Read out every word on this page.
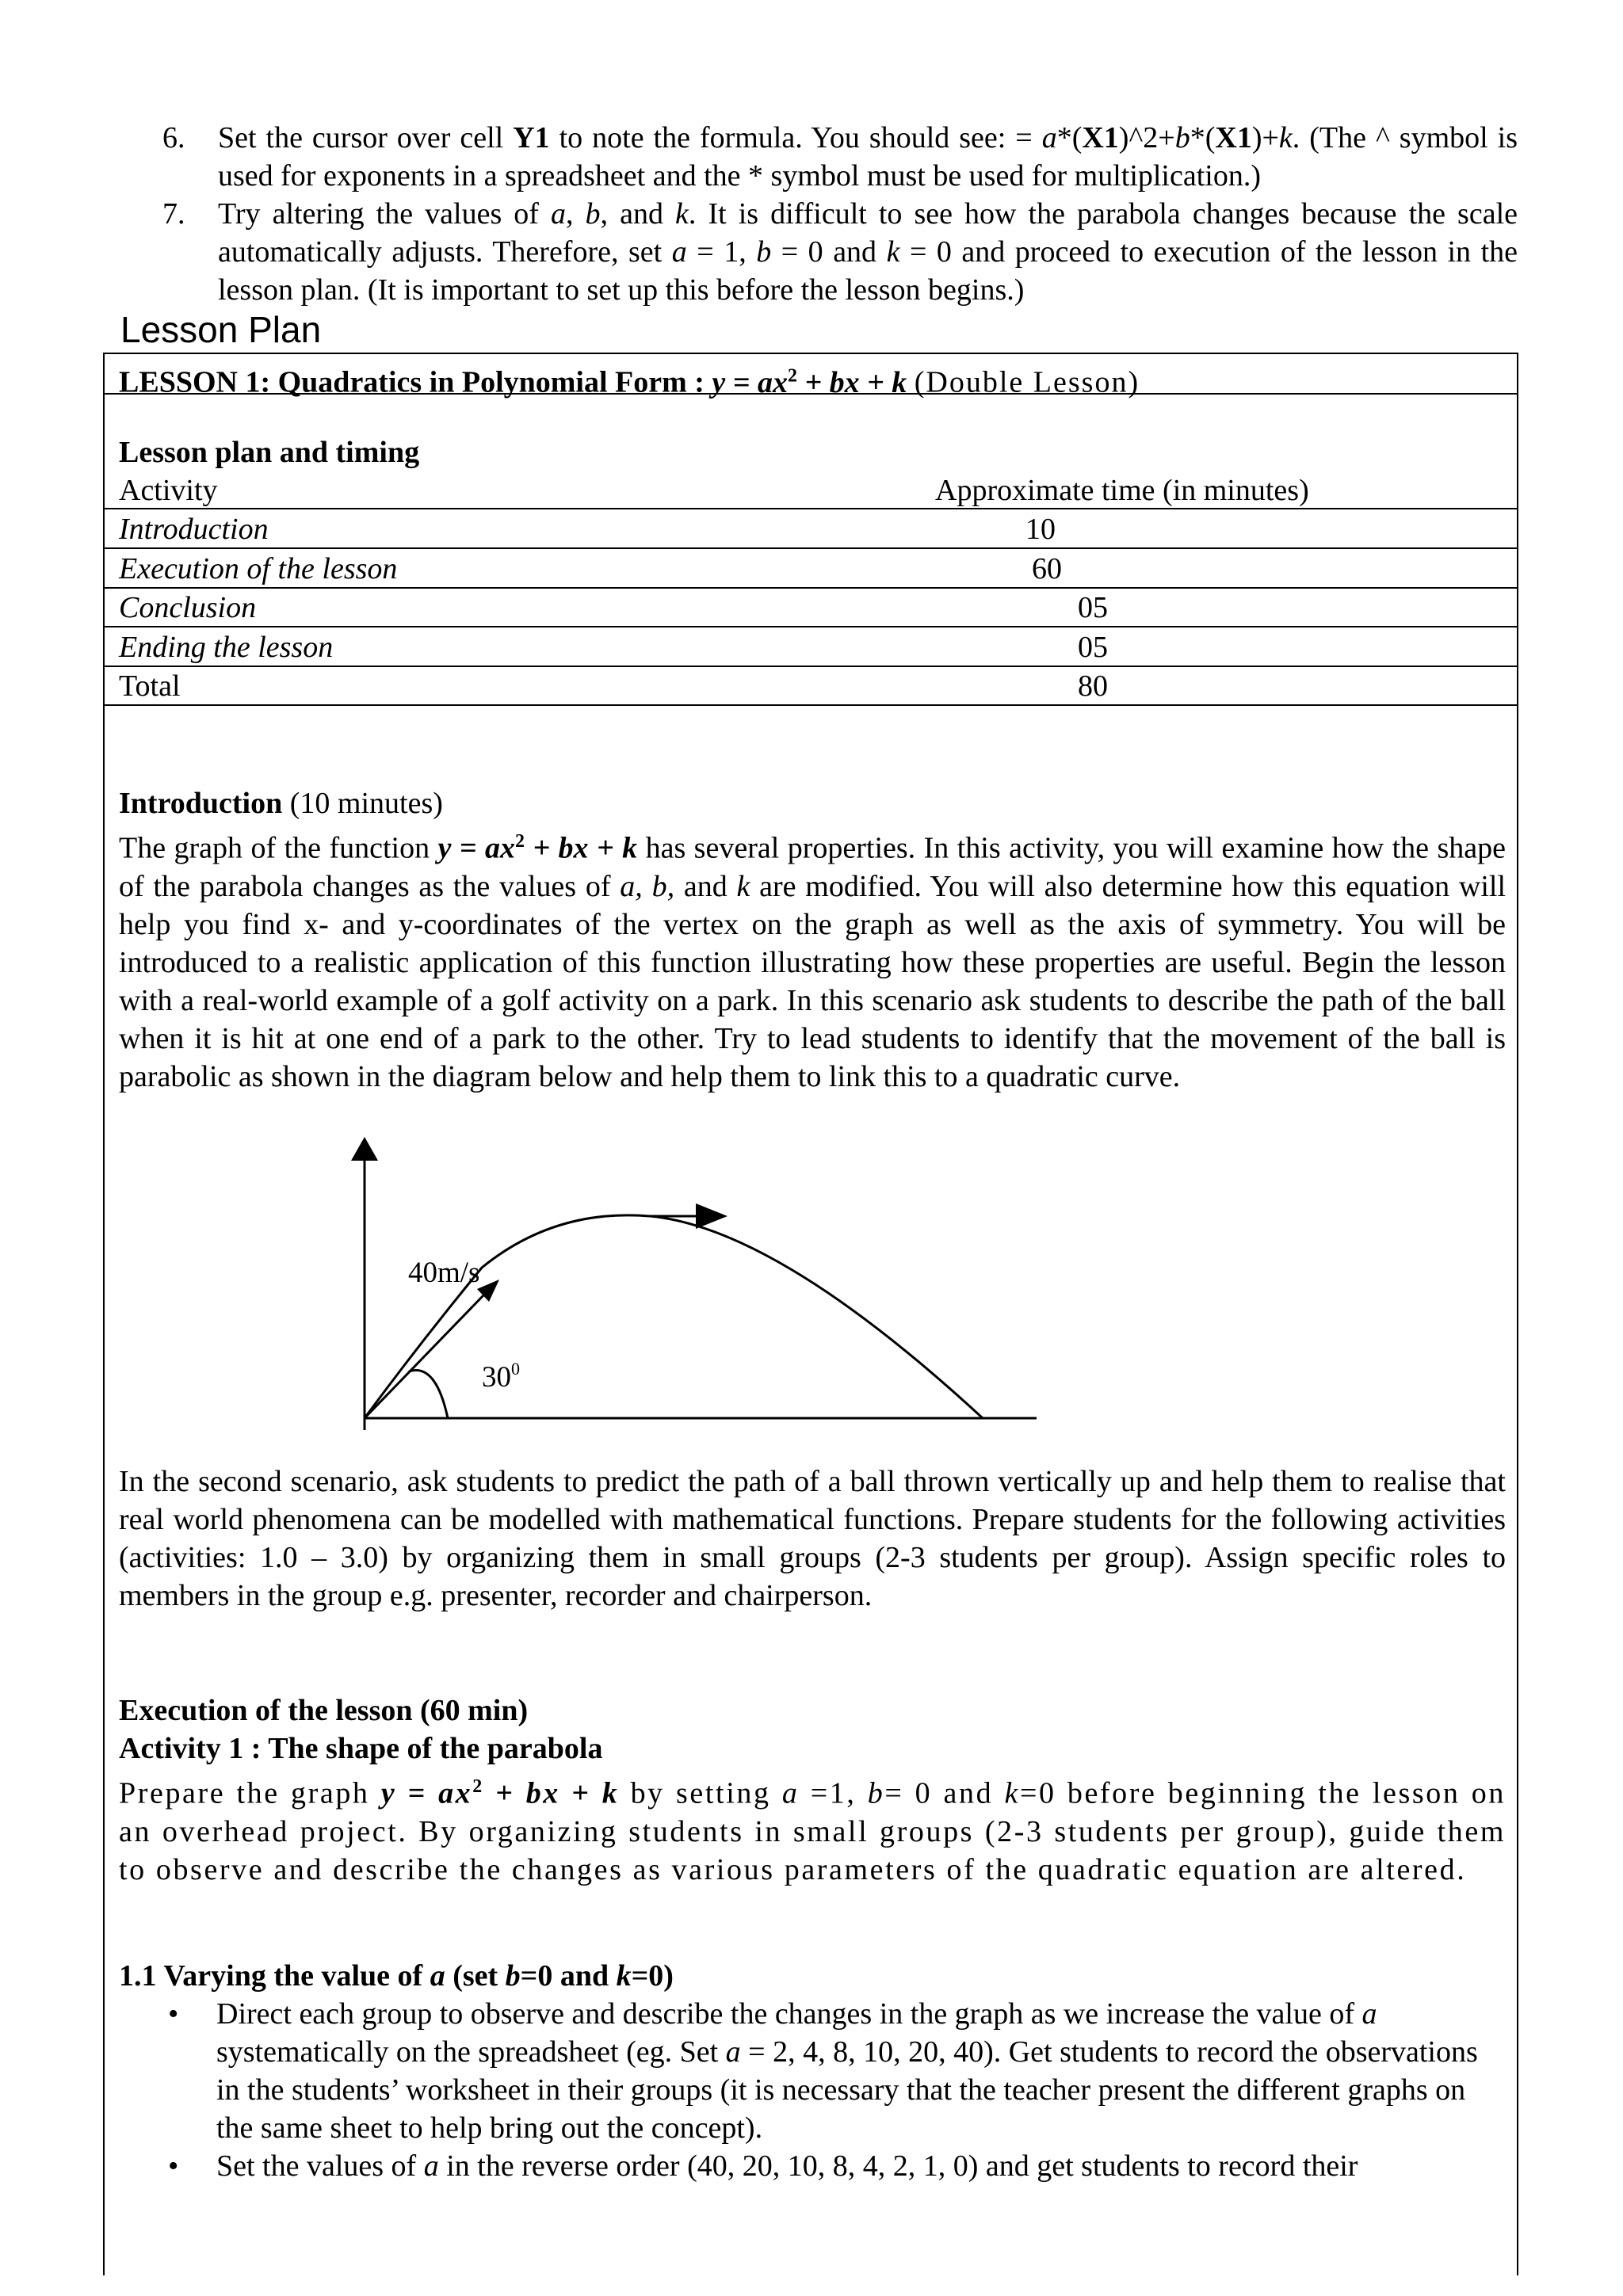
6. Set the cursor over cell Y1 to note the formula. You should see: = a*(X1)^2+b*(X1)+k. (The ^ symbol is used for exponents in a spreadsheet and the * symbol must be used for multiplication.)
7. Try altering the values of a, b, and k. It is difficult to see how the parabola changes because the scale automatically adjusts. Therefore, set a = 1, b = 0 and k = 0 and proceed to execution of the lesson in the lesson plan. (It is important to set up this before the lesson begins.)
Lesson Plan
LESSON 1: Quadratics in Polynomial Form : $y = ax^2$ + bx + k (Double Lesson)
Lesson plan and timing
Activity	Approximate time (in minutes)
Introduction	10
Execution of the lesson	60
Conclusion	05
Ending the lesson	05
Total	80
Introduction (10 minutes)
The graph of the function $y = ax^2$ + bx + k has several properties. In this activity, you will examine how the shape of the parabola changes as the values of a, b, and k are modified. You will also determine how this equation will help you find x- and y-coordinates of the vertex on the graph as well as the axis of symmetry. You will be introduced to a realistic application of this function illustrating how these properties are useful. Begin the lesson with a real-world example of a golf activity on a park. In this scenario ask students to describe the path of the ball when it is hit at one end of a park to the other. Try to lead students to identify that the movement of the ball is parabolic as shown in the diagram below and help them to link this to a quadratic curve.
40m/s
$30^0$
In the second scenario, ask students to predict the path of a ball thrown vertically up and help them to realise that real world phenomena can be modelled with mathematical functions. Prepare students for the following activities (activities: 1.0 – 3.0) by organizing them in small groups (2-3 students per group). Assign specific roles to members in the group e.g. presenter, recorder and chairperson.
Execution of the lesson (60 min)
Activity 1 : The shape of the parabola
Prepare the graph $y = ax^2$ + bx + k by setting a =1, b= 0 and k=0 before beginning the lesson on an overhead project. By organizing students in small groups (2-3 students per group), guide them to observe and describe the changes as various parameters of the quadratic equation are altered.
1.1 Varying the value of a (set b=0 and k=0)
• Direct each group to observe and describe the changes in the graph as we increase the value of a systematically on the spreadsheet (eg. Set a = 2, 4, 8, 10, 20, 40). Get students to record the observations in the students’ worksheet in their groups (it is necessary that the teacher present the different graphs on the same sheet to help bring out the concept).
• Set the values of a in the reverse order (40, 20, 10, 8, 4, 2, 1, 0) and get students to record their
